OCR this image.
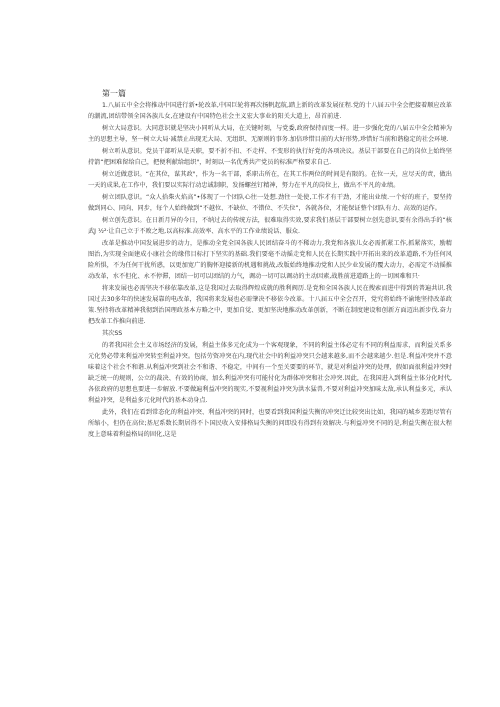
第一篇
1.八届五中全会将推动中国进行新•轮改革,中国巨轮将再次扬帆起航,踏上新的改革发展征程.党的十八届五中全会把接着顺应改革的潮流,团结带领全国各族儿女,在建设有中国特色社会主义宏大事业的阳关大道上，昂首前进.
树立大局意识。大同意识就是坚决小同听从大局，在关键时刻，与党委,政府保持而度一样。进一步强化党的八届五中全会精神为主的思想主导，坚一树立大局·减禁止出现无大局、无组织、无原则的事务.加倍珍惜目前的大好形势,珍惜好当前和谐稳定的社会环境.
树立听从意识。党员干部听从是天职，要不折不扣、不走样、不变形的执行好党的各项决议。基层干部要在自己的岗位上始终坚持箭“把困难留给自己，把便利献给组织"，时刻以一名优秀共产党员的标准严格要求自己.
树立近做意识。“在其位，谋其政"，作为一名干部，系职击所在，在其工作两位的时间是有限的。在位一天，应尽天的责，做出一天的成果,在工作中，我们要以实际行动忠诚制职，发扬螺丝钉精神，努力在平凡的岗位上，做出不平凡的业绩。
树立团队意识。“众人拾柴火焰高”•体现了一个团队心往一处想.劲往一处使,工作才有干劲，才能出业绩.一个好的班子，要坚持做到同心、同向、同步，每个人始终做到“不越位、不缺位、不错位、不失位”，各就各位，才能保证整个团队有力、高效的运作。
树立创先意识。在日新月异的今日，不纳过去的传统方法，很难取得实效,要求我们基层干部要树立创先意识,要有余得出手的“核武J ½²·让自己立于不败之地,以高标准.高效率、高水平的工作业绩说话、服众.
改革是推动中国发展进步的动力，是推动全党全国各族人民团结奋斗的不稀动力,我党和各族儿女必需抓紧工作,抓紧落实，励精图治,为实现全面建成小康社会的缘伟目标打下坚实的基础.我们要毫不动摇走党和人民在长期实践中开拓出来的改革道路,不为任何风险所惧，不为任何干扰所惑，以更加宽广的胸怀迎接新的机遇和挑战,改版始终地推动党和人民少业发展的覆大动力，必需定不动摇推动改革，水不但化、永不停滞，团结一切可以团结的力气，调动一切可以调动的主动因素,战胜前进道路上的一切困难和只·
将来发展也必需坚决不移依靠改革,这是我国过去取得辉煌成就的胜利阀历.是党和全国各族人民在搜索而进中得到的普遍共识.我国过去30多年的快速发展靠的电改革，我国将来发展也必需肇决不移依今改革。十八届五中全会召开，党究将始终不渝地坚持改革政策.坚持将改革精神我彻到治国理政基本方略之中，更加自觉、更加坚决地推动改革创新，不断在制度建设和创新方面迈出新步伐.奋力把改革工作推向前进.
其次SS
的者我国社会主义市场经济的发展，利益主体多元化成为一个客观现象，不同的利益主体必定有不同的利益需求，而利益关系多元化势必带来利益冲突转至利益冲突。包括劳资冲突在内,现代社会中的利益冲突只会越来越多,而不会越来越少.但是.利益冲突并不意味着这个社会不和谐.从利益冲突到社会不和谐、不稳定，中间有一个至关要要的环节，就是对利益冲突的处理，假如面很利益冲突时缺乏统一的规则，公立的裁决、有效的协商，加么利益冲突有可能付化为群体冲突和社会冲突.因此，在我国进入到利益主体分化时代,各依政府的思想也要进一步解放.不要做遍利益冲突的现实,不要视利益冲突为洪水猛兽,不要对利益冲突加味太敌,承认利益多元，承认利益冲突，是利益多元化时代的基本动身点.
此外，我们在看到常态化的利益冲突、利益冲突的同时，也要看到我国利益失衡的冲突迁比较突出比如，我国的城乡差距尽管有所缩小，但仍在高位;基尼系数长期居得不卜国民收入安排格局失衡的问即没有得到有效解决.与利益冲突不同的是,利益失衡在很大程度上意味着利益格局的固化,这是
